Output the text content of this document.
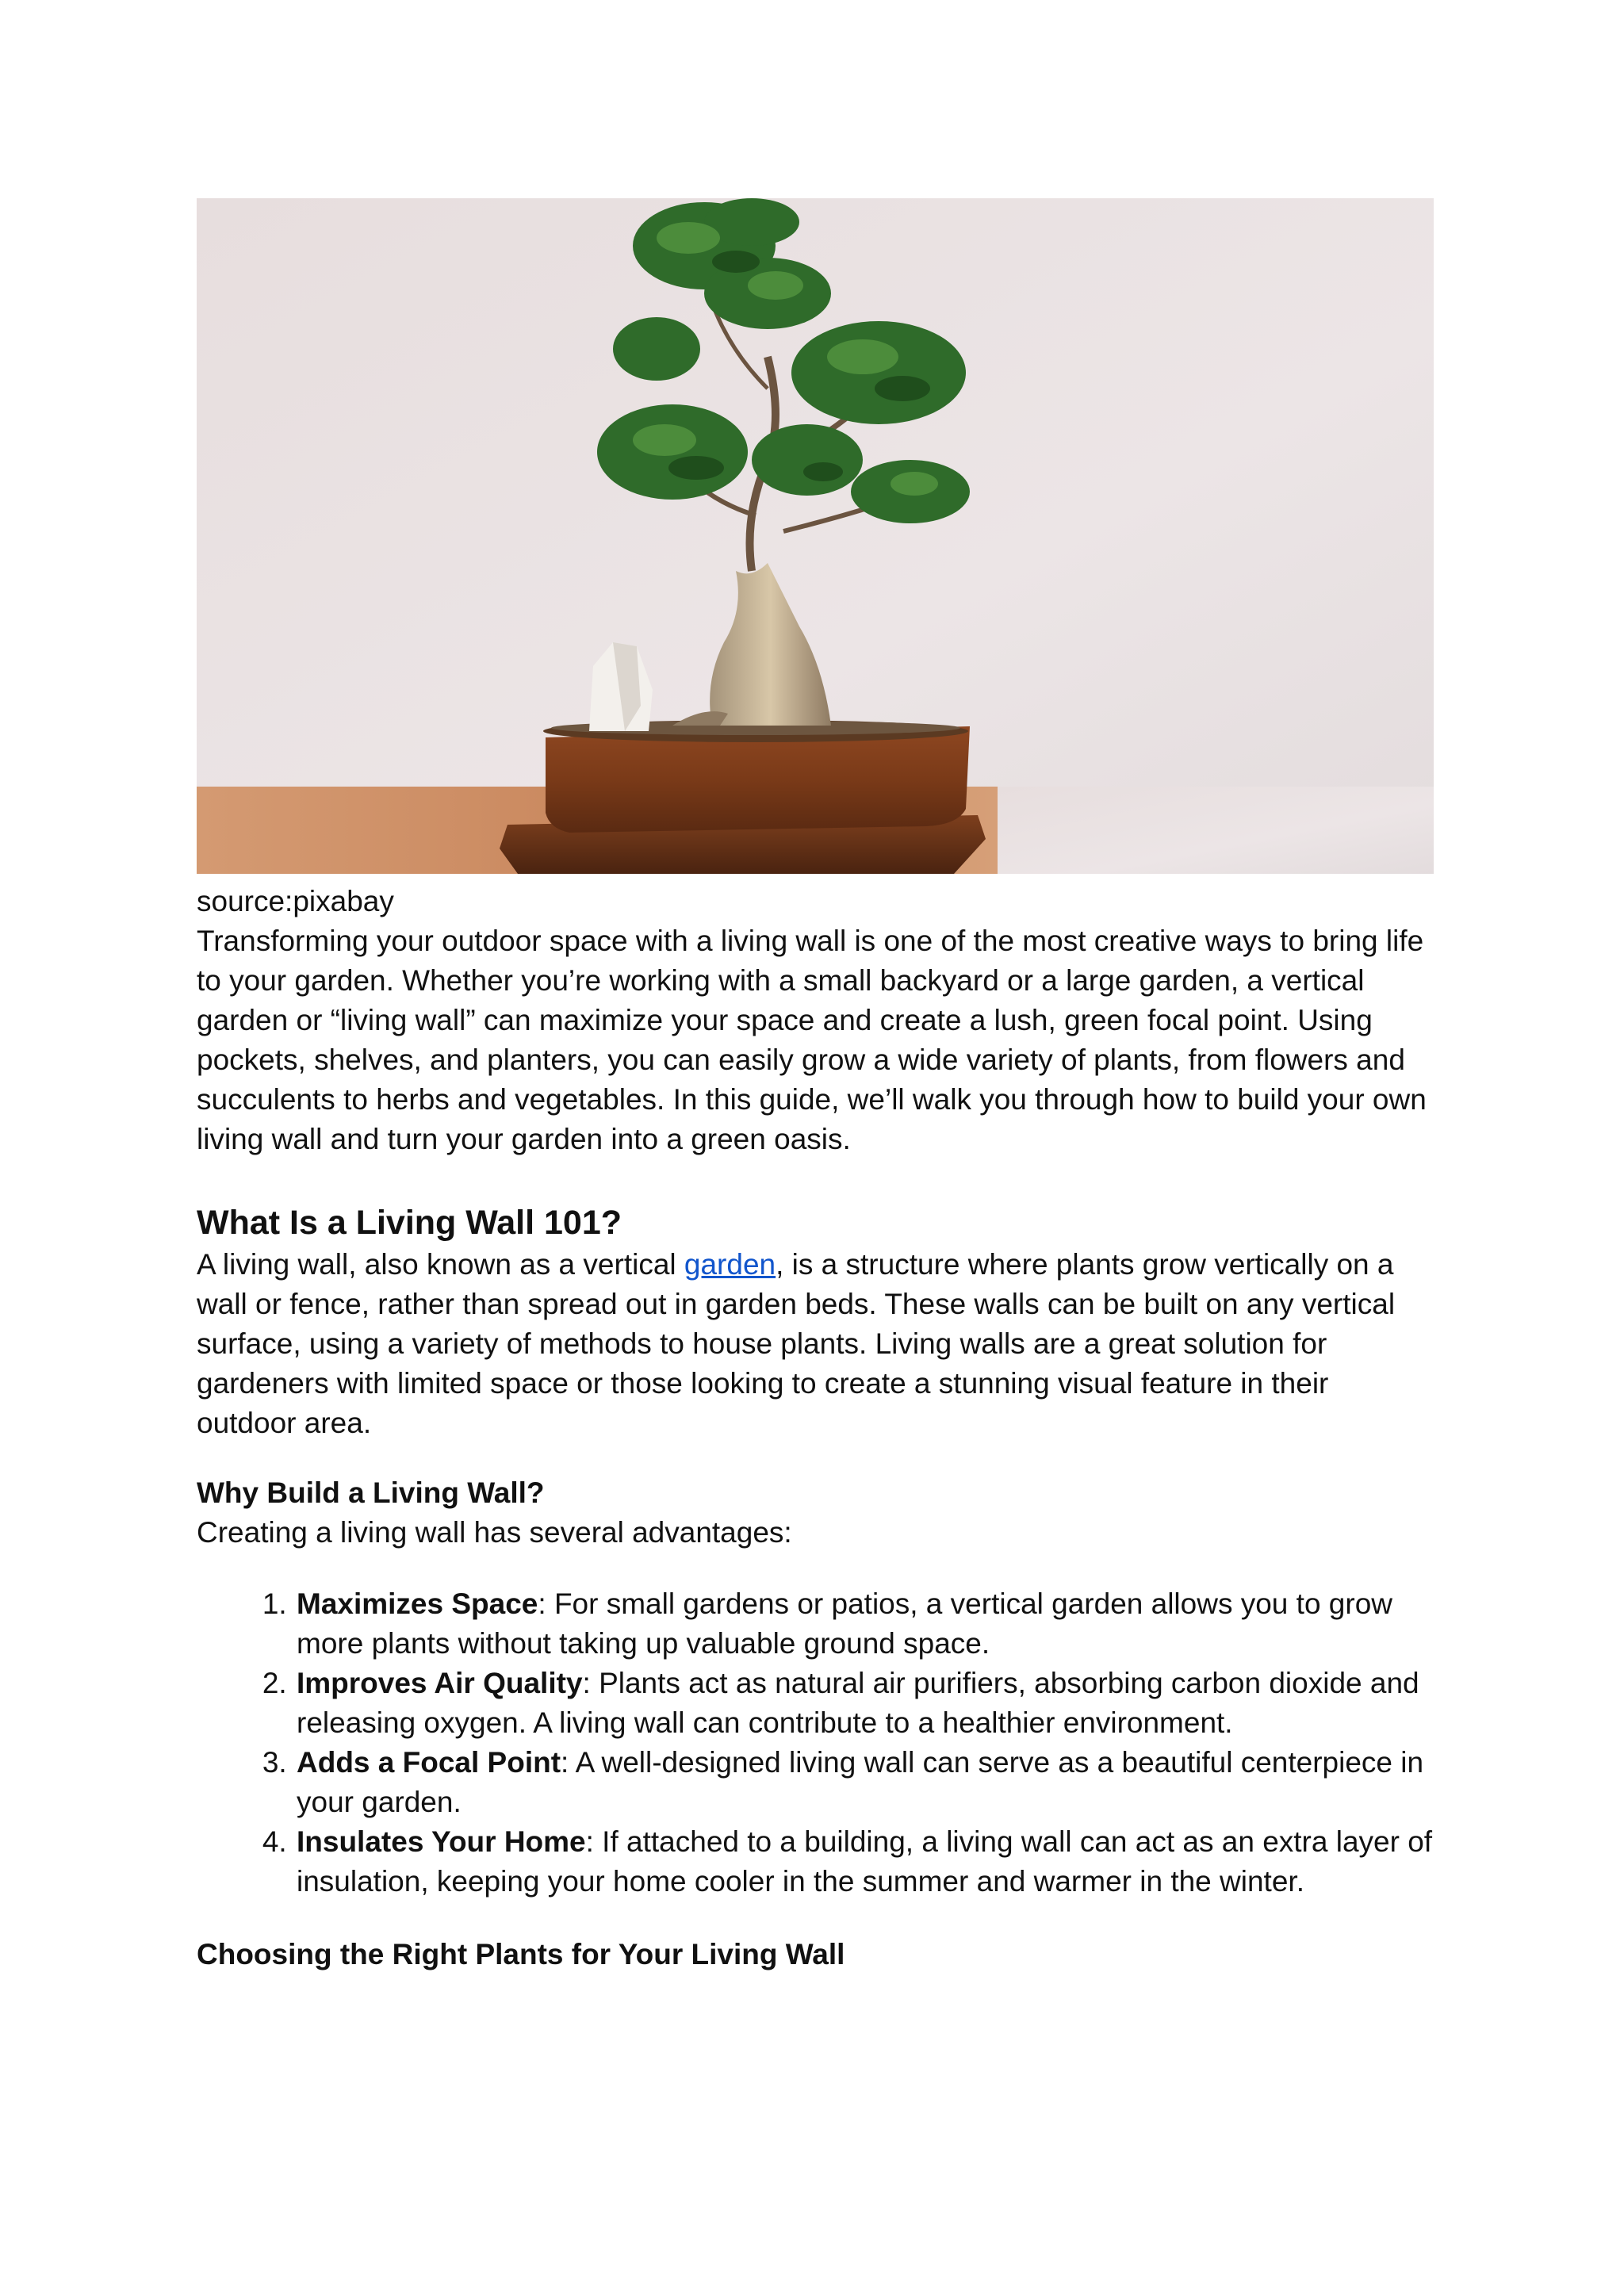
source:pixabay

Transforming your outdoor space with a living wall is one of the most creative ways to bring life to your garden. Whether you’re working with a small backyard or a large garden, a vertical garden or “living wall” can maximize your space and create a lush, green focal point. Using pockets, shelves, and planters, you can easily grow a wide variety of plants, from flowers and succulents to herbs and vegetables. In this guide, we’ll walk you through how to build your own living wall and turn your garden into a green oasis.

What Is a Living Wall 101?

A living wall, also known as a vertical garden, is a structure where plants grow vertically on a wall or fence, rather than spread out in garden beds. These walls can be built on any vertical surface, using a variety of methods to house plants. Living walls are a great solution for gardeners with limited space or those looking to create a stunning visual feature in their outdoor area.

Why Build a Living Wall?

Creating a living wall has several advantages:

1. Maximizes Space: For small gardens or patios, a vertical garden allows you to grow more plants without taking up valuable ground space.
2. Improves Air Quality: Plants act as natural air purifiers, absorbing carbon dioxide and releasing oxygen. A living wall can contribute to a healthier environment.
3. Adds a Focal Point: A well-designed living wall can serve as a beautiful centerpiece in your garden.
4. Insulates Your Home: If attached to a building, a living wall can act as an extra layer of insulation, keeping your home cooler in the summer and warmer in the winter.
Choosing the Right Plants for Your Living Wall
